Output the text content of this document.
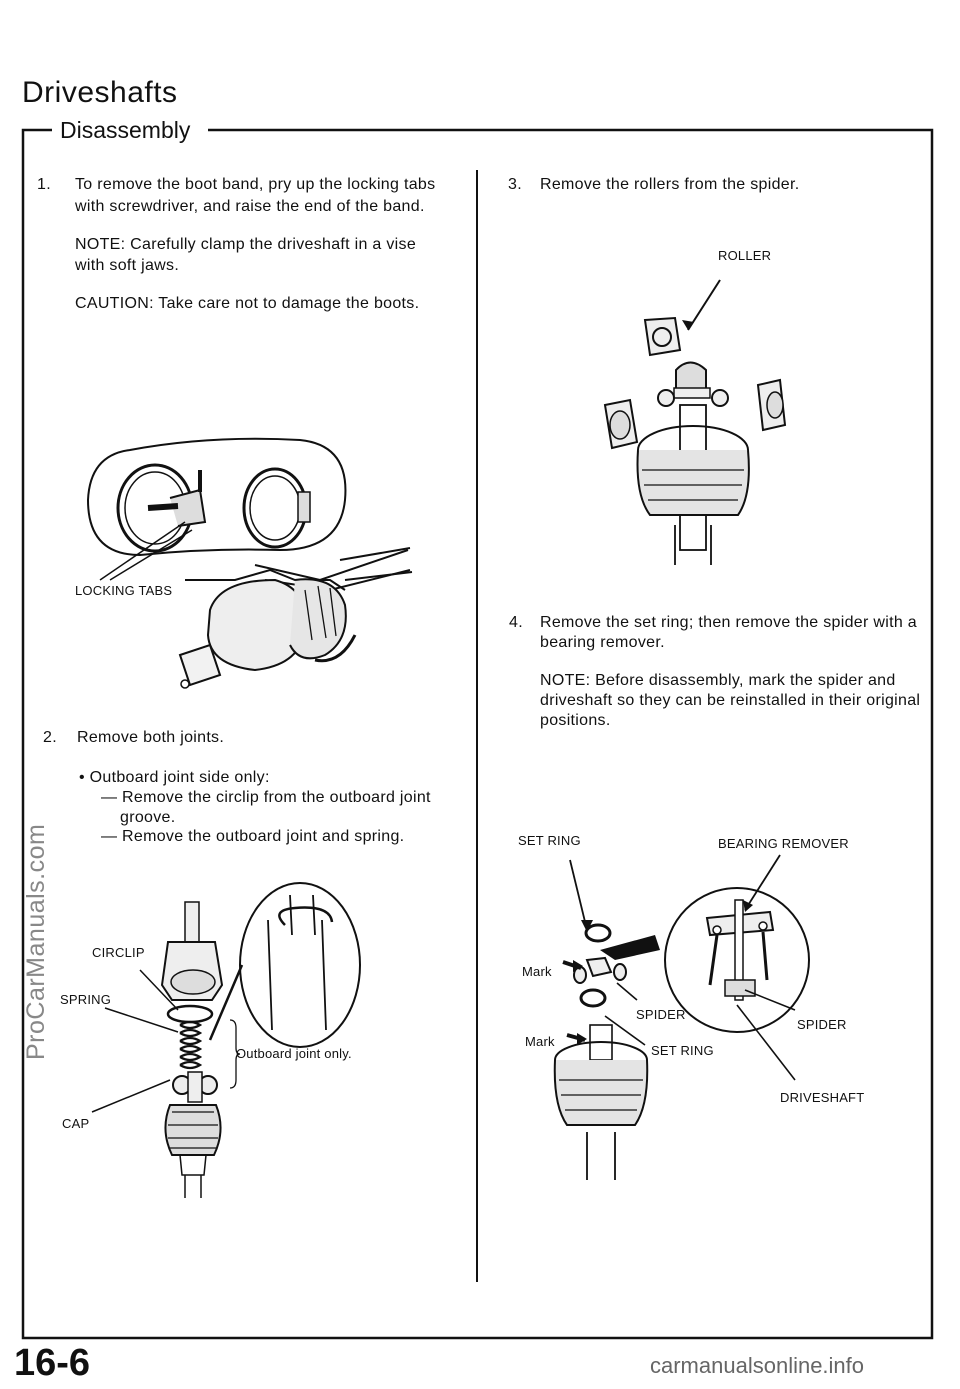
Driveshafts
Disassembly
1. To remove the boot band, pry up the locking tabs
with screwdriver, and raise the end of the band.
NOTE: Carefully clamp the driveshaft in a vise
with soft jaws.
CAUTION: Take care not to damage the boots.
LOCKING TABS
2. Remove both joints.
• Outboard joint side only:
— Remove the circlip from the outboard joint
groove.
— Remove the outboard joint and spring.
CIRCLIP
SPRING
CAP
Outboard joint only.
3. Remove the rollers from the spider.
ROLLER
4. Remove the set ring; then remove the spider with a
bearing remover.
NOTE: Before disassembly, mark the spider and
driveshaft so they can be reinstalled in their original
positions.
SET RING	BEARING REMOVER
Mark
Mark
SPIDER
SPIDER
SET RING
DRIVESHAFT
ProCarManuals.com
16-6	carmanualsonline.info
